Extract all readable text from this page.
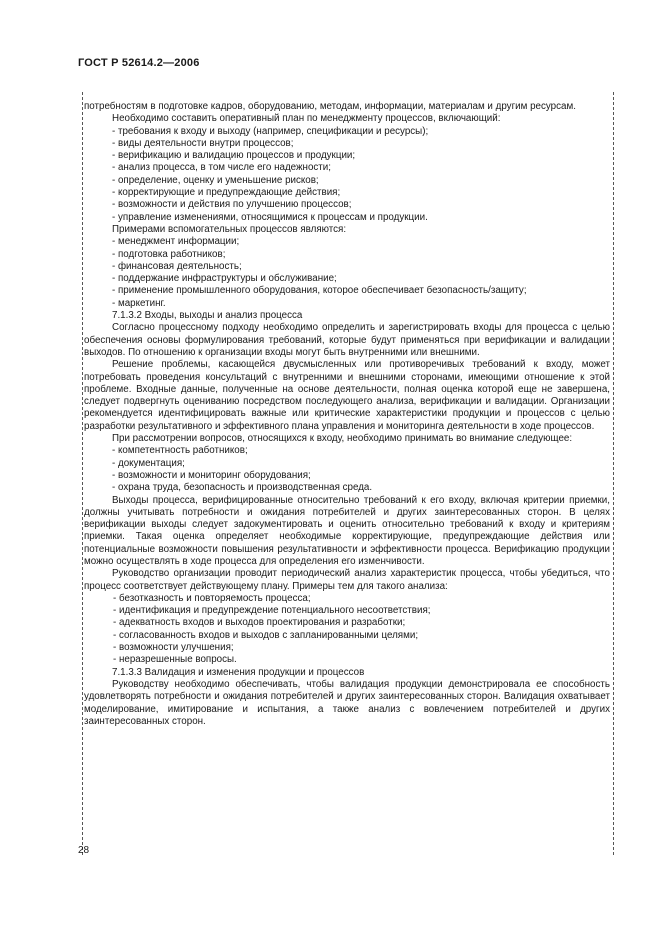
ГОСТ Р 52614.2—2006

потребностям в подготовке кадров, оборудованию, методам, информации, материалам и другим ресурсам.

Необходимо составить оперативный план по менеджменту процессов, включающий:

- требования к входу и выходу (например, спецификации и ресурсы);

- виды деятельности внутри процессов;

- верификацию и валидацию процессов и продукции;

- анализ процесса, в том числе его надежности;

- определение, оценку и уменьшение рисков;

- корректирующие и предупреждающие действия;

- возможности и действия по улучшению процессов;

- управление изменениями, относящимися к процессам и продукции.

Примерами вспомогательных процессов являются:

- менеджмент информации;

- подготовка работников;

- финансовая деятельность;

- поддержание инфраструктуры и обслуживание;

- применение промышленного оборудования, которое обеспечивает безопасность/защиту;

- маркетинг.

7.1.3.2 Входы, выходы и анализ процесса

Согласно процессному подходу необходимо определить и зарегистрировать входы для процесса с целью обеспечения основы формулирования требований, которые будут применяться при верификации и валидации выходов. По отношению к организации входы могут быть внутренними или внешними.

Решение проблемы, касающейся двусмысленных или противоречивых требований к входу, может потребовать проведения консультаций с внутренними и внешними сторонами, имеющими отношение к этой проблеме. Входные данные, полученные на основе деятельности, полная оценка которой еще не завершена, следует подвергнуть оцениванию посредством последующего анализа, верификации и валидации. Организации рекомендуется идентифицировать важные или критические характеристики продукции и процессов с целью разработки результативного и эффективного плана управления и мониторинга деятельности в ходе процессов.

При рассмотрении вопросов, относящихся к входу, необходимо принимать во внимание следующее:

- компетентность работников;

- документация;

- возможности и мониторинг оборудования;

- охрана труда, безопасность и производственная среда.

Выходы процесса, верифицированные относительно требований к его входу, включая критерии приемки, должны учитывать потребности и ожидания потребителей и других заинтересованных сторон. В целях верификации выходы следует задокументировать и оценить относительно требований к входу и критериям приемки. Такая оценка определяет необходимые корректирующие, предупреждающие действия или потенциальные возможности повышения результативности и эффективности процесса. Верификацию продукции можно осуществлять в ходе процесса для определения его изменчивости.

Руководство организации проводит периодический анализ характеристик процесса, чтобы убедиться, что процесс соответствует действующему плану. Примеры тем для такого анализа:

- безотказность и повторяемость процесса;

- идентификация и предупреждение потенциального несоответствия;

- адекватность входов и выходов проектирования и разработки;

- согласованность входов и выходов с запланированными целями;

- возможности улучшения;

- неразрешенные вопросы.

7.1.3.3 Валидация и изменения продукции и процессов

Руководству необходимо обеспечивать, чтобы валидация продукции демонстрировала ее способность удовлетворять потребности и ожидания потребителей и других заинтересованных сторон. Валидация охватывает моделирование, имитирование и испытания, а также анализ с вовлечением потребителей и других заинтересованных сторон.

28
